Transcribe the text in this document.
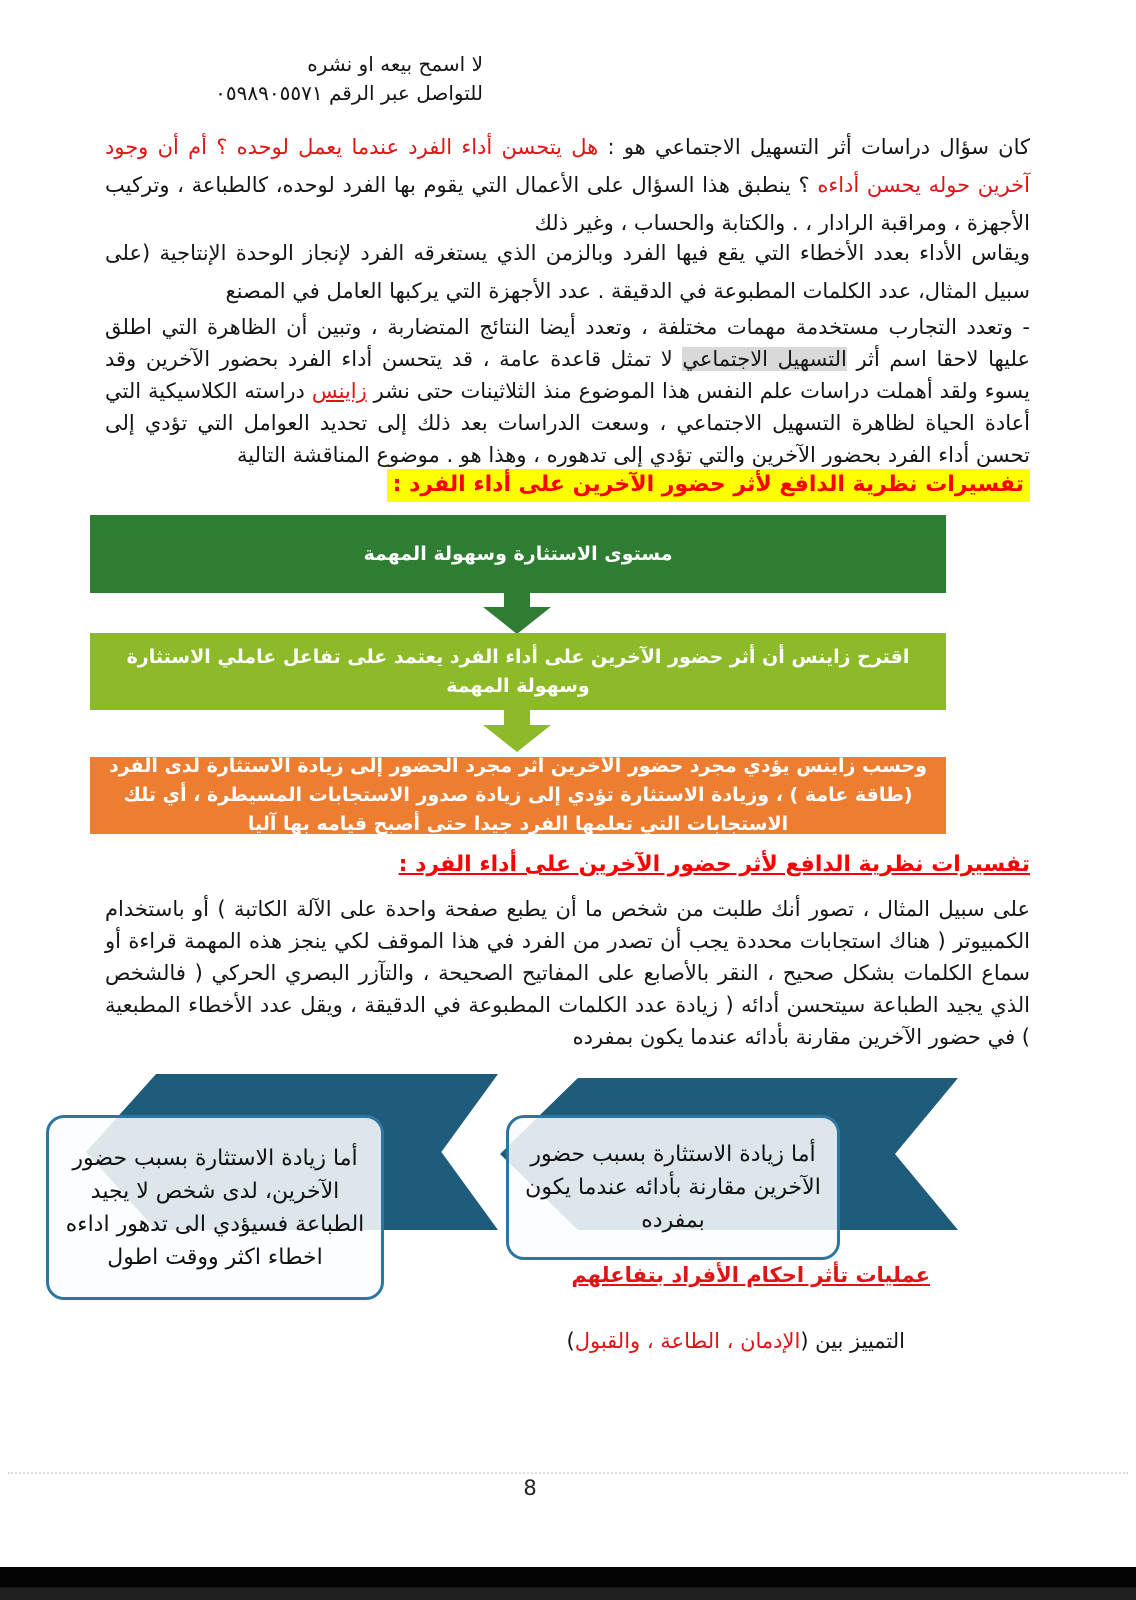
لا اسمح بيعه او نشره
للتواصل عبر الرقم ٠٥٩٨٩٠٥٥٧١

كان سؤال دراسات أثر التسهيل الاجتماعي هو : هل يتحسن أداء الفرد عندما يعمل لوحده ؟ أم أن وجود آخرين حوله يحسن أداءه ؟ ينطبق هذا السؤال على الأعمال التي يقوم بها الفرد لوحده، كالطباعة ، وتركيب الأجهزة ، ومراقبة الرادار ، . والكتابة والحساب ، وغير ذلك

ويقاس الأداء بعدد الأخطاء التي يقع فيها الفرد وبالزمن الذي يستغرقه الفرد لإنجاز الوحدة الإنتاجية (على سبيل المثال، عدد الكلمات المطبوعة في الدقيقة . عدد الأجهزة التي يركبها العامل في المصنع

- وتعدد التجارب مستخدمة مهمات مختلفة ، وتعدد أيضا النتائج المتضاربة ، وتبين أن الظاهرة التي اطلق عليها لاحقا اسم أثر التسهيل الاجتماعي لا تمثل قاعدة عامة ، قد يتحسن أداء الفرد بحضور الآخرين وقد يسوء ولقد أهملت دراسات علم النفس هذا الموضوع منذ الثلاثينات حتى نشر زاينس دراسته الكلاسيكية التي أعادة الحياة لظاهرة التسهيل الاجتماعي ، وسعت الدراسات بعد ذلك إلى تحديد العوامل التي تؤدي إلى تحسن أداء الفرد بحضور الآخرين والتي تؤدي إلى تدهوره ، وهذا هو . موضوع المناقشة التالية

تفسيرات نظرية الدافع لأثر حضور الآخرين على أداء الفرد :
مستوى الاستثارة وسهولة المهمة
اقترح زاينس أن أثر حضور الآخرين على أداء الفرد يعتمد على تفاعل عاملي الاستثارة وسهولة المهمة
وحسب زاينس يؤدي مجرد حضور الآخرين أثر مجرد الحضور إلى زيادة الاستثارة لدى الفرد (طاقة عامة ) ، وزيادة الاستثارة تؤدي إلى زيادة صدور الاستجابات المسيطرة ، أي تلك الاستجابات التي تعلمها الفرد جيدا حتى أصبح قيامه بها آليا
تفسيرات نظرية الدافع لأثر حضور الآخرين على أداء الفرد :

على سبيل المثال ، تصور أنك طلبت من شخص ما أن يطبع صفحة واحدة على الآلة الكاتبة ) أو باستخدام الكمبيوتر ( هناك استجابات محددة يجب أن تصدر من الفرد في هذا الموقف لكي ينجز هذه المهمة قراءة أو سماع الكلمات بشكل صحيح ، النقر بالأصابع على المفاتيح الصحيحة ، والتآزر البصري الحركي ( فالشخص الذي يجيد الطباعة سيتحسن أدائه ( زيادة عدد الكلمات المطبوعة في الدقيقة ، ويقل عدد الأخطاء المطبعية ) في حضور الآخرين مقارنة بأدائه عندما يكون بمفرده

أما زيادة الاستثارة بسبب حضور الآخرين، لدى شخص لا يجيد الطباعة فسيؤدي الى تدهور اداءه اخطاء اكثر ووقت اطول
أما زيادة الاستثارة بسبب حضور الآخرين مقارنة بأدائه عندما يكون بمفرده
عمليات تأثر احكام الأفراد بتفاعلهم

التمييز بين (الإدمان ، الطاعة ، والقبول)

8
